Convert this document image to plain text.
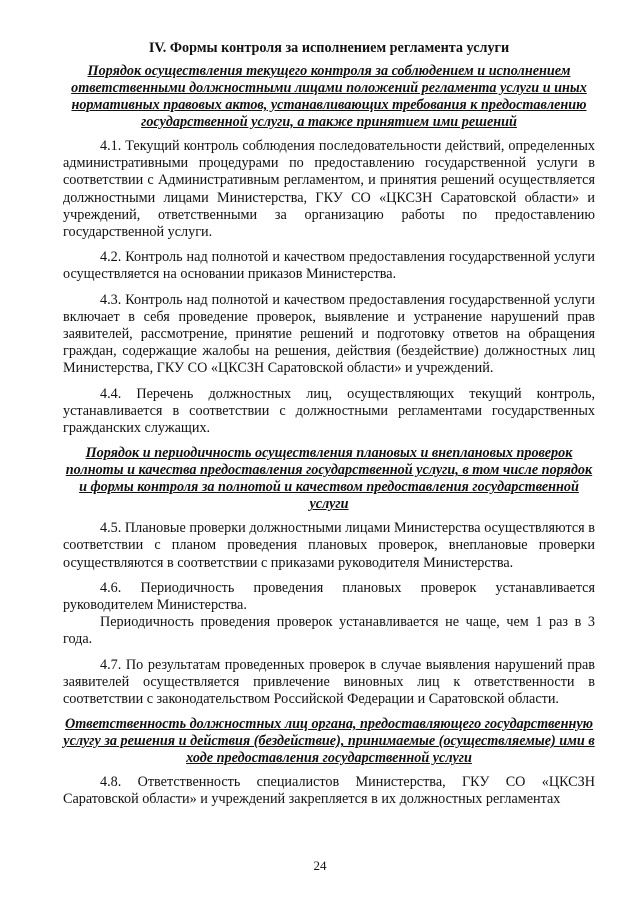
IV. Формы контроля за исполнением регламента услуги
Порядок осуществления текущего контроля за соблюдением и исполнением ответственными должностными лицами положений регламента услуги и иных нормативных правовых актов, устанавливающих требования к предоставлению государственной услуги, а также принятием ими решений

4.1. Текущий контроль соблюдения последовательности действий, определенных административными процедурами по предоставлению государственной услуги в соответствии с Административным регламентом, и принятия решений осуществляется должностными лицами Министерства, ГКУ СО «ЦКСЗН Саратовской области» и учреждений, ответственными за организацию работы по предоставлению государственной услуги.

4.2. Контроль над полнотой и качеством предоставления государственной услуги осуществляется на основании приказов Министерства.

4.3. Контроль над полнотой и качеством предоставления государственной услуги включает в себя проведение проверок, выявление и устранение нарушений прав заявителей, рассмотрение, принятие решений и подготовку ответов на обращения граждан, содержащие жалобы на решения, действия (бездействие) должностных лиц Министерства, ГКУ СО «ЦКСЗН Саратовской области» и учреждений.

4.4. Перечень должностных лиц, осуществляющих текущий контроль, устанавливается в соответствии с должностными регламентами государственных гражданских служащих.

Порядок и периодичность осуществления плановых и внеплановых проверок полноты и качества предоставления государственной услуги, в том числе порядок и формы контроля за полнотой и качеством предоставления государственной услуги

4.5. Плановые проверки должностными лицами Министерства осуществляются в соответствии с планом проведения плановых проверок, внеплановые проверки осуществляются в соответствии с приказами руководителя Министерства.

4.6. Периодичность проведения плановых проверок устанавливается руководителем Министерства.

Периодичность проведения проверок устанавливается не чаще, чем 1 раз в 3 года.

4.7. По результатам проведенных проверок в случае выявления нарушений прав заявителей осуществляется привлечение виновных лиц к ответственности в соответствии с законодательством Российской Федерации и Саратовской области.

Ответственность должностных лиц органа, предоставляющего государственную услугу за решения и действия (бездействие), принимаемые (осуществляемые) ими в ходе предоставления государственной услуги

4.8. Ответственность специалистов Министерства, ГКУ СО «ЦКСЗН Саратовской области» и учреждений закрепляется в их должностных регламентах

24
